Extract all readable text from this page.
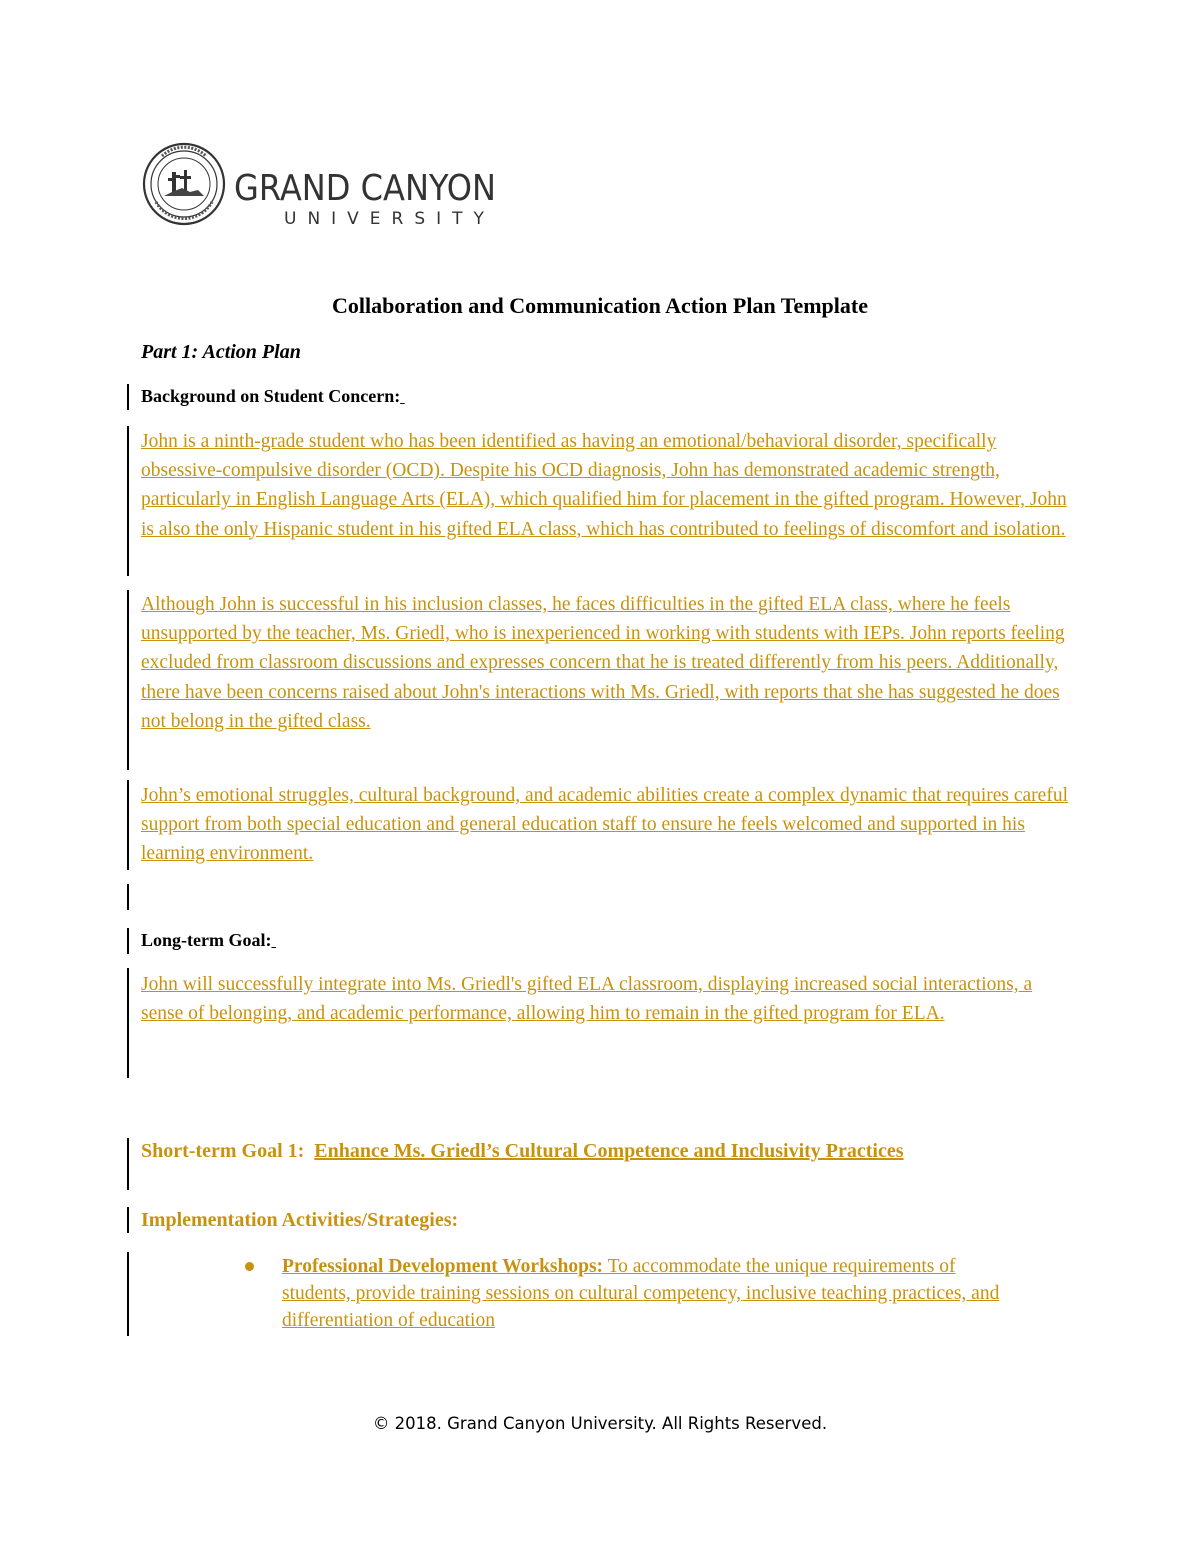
GRAND CANYON
UNIVERSITY
Collaboration and Communication Action Plan Template
Part 1: Action Plan

Background on Student Concern:

John is a ninth-grade student who has been identified as having an emotional/behavioral disorder, specifically obsessive-compulsive disorder (OCD). Despite his OCD diagnosis, John has demonstrated academic strength, particularly in English Language Arts (ELA), which qualified him for placement in the gifted program. However, John is also the only Hispanic student in his gifted ELA class, which has contributed to feelings of discomfort and isolation.

Although John is successful in his inclusion classes, he faces difficulties in the gifted ELA class, where he feels unsupported by the teacher, Ms. Griedl, who is inexperienced in working with students with IEPs. John reports feeling excluded from classroom discussions and expresses concern that he is treated differently from his peers. Additionally, there have been concerns raised about John's interactions with Ms. Griedl, with reports that she has suggested he does not belong in the gifted class.

John’s emotional struggles, cultural background, and academic abilities create a complex dynamic that requires careful support from both special education and general education staff to ensure he feels welcomed and supported in his learning environment.

Long-term Goal:

John will successfully integrate into Ms. Griedl's gifted ELA classroom, displaying increased social interactions, a sense of belonging, and academic performance, allowing him to remain in the gifted program for ELA.

Short-term Goal 1: Enhance Ms. Griedl’s Cultural Competence and Inclusivity Practices

Implementation Activities/Strategies:

Professional Development Workshops: To accommodate the unique requirements of students, provide training sessions on cultural competency, inclusive teaching practices, and differentiation of education

© 2018. Grand Canyon University. All Rights Reserved.
